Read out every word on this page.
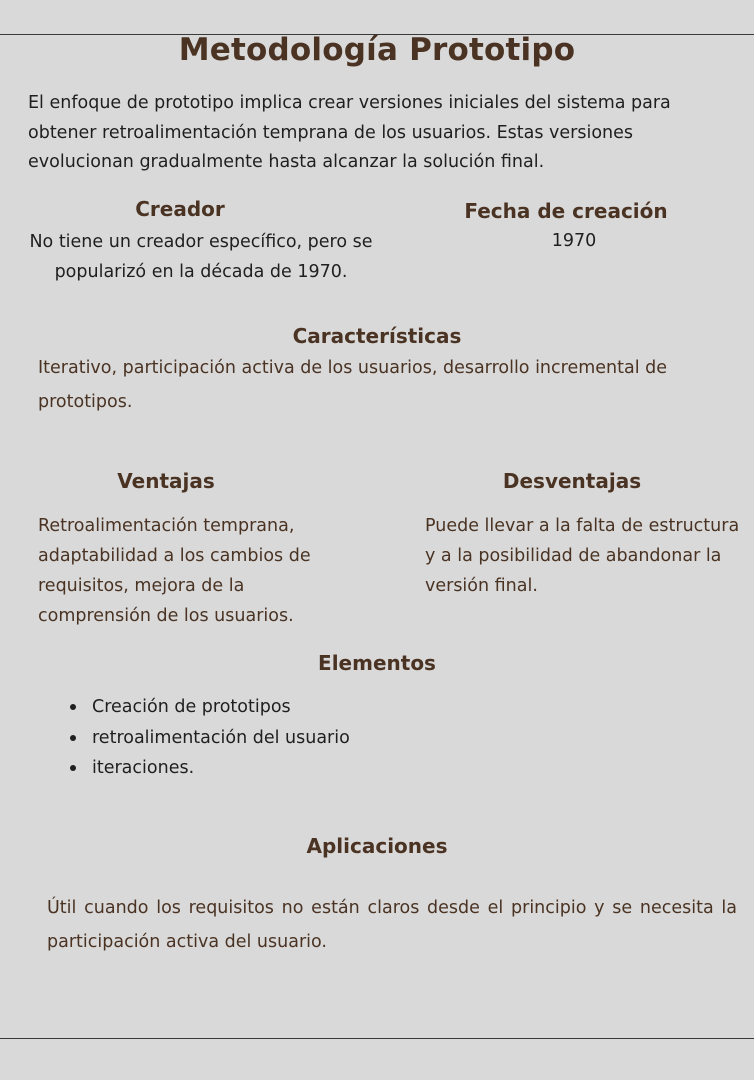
Metodología Prototipo
El enfoque de prototipo implica crear versiones iniciales del sistema para obtener retroalimentación temprana de los usuarios. Estas versiones evolucionan gradualmente hasta alcanzar la solución final.
Creador
No tiene un creador específico, pero se popularizó en la década de 1970.
Fecha de creación
1970
Características
Iterativo, participación activa de los usuarios, desarrollo incremental de prototipos.
Ventajas
Retroalimentación temprana, adaptabilidad a los cambios de requisitos, mejora de la comprensión de los usuarios.
Desventajas
Puede llevar a la falta de estructura y a la posibilidad de abandonar la versión final.
Elementos
Creación de prototipos
retroalimentación del usuario
iteraciones.
Aplicaciones
Útil cuando los requisitos no están claros desde el principio y se necesita la participación activa del usuario.
